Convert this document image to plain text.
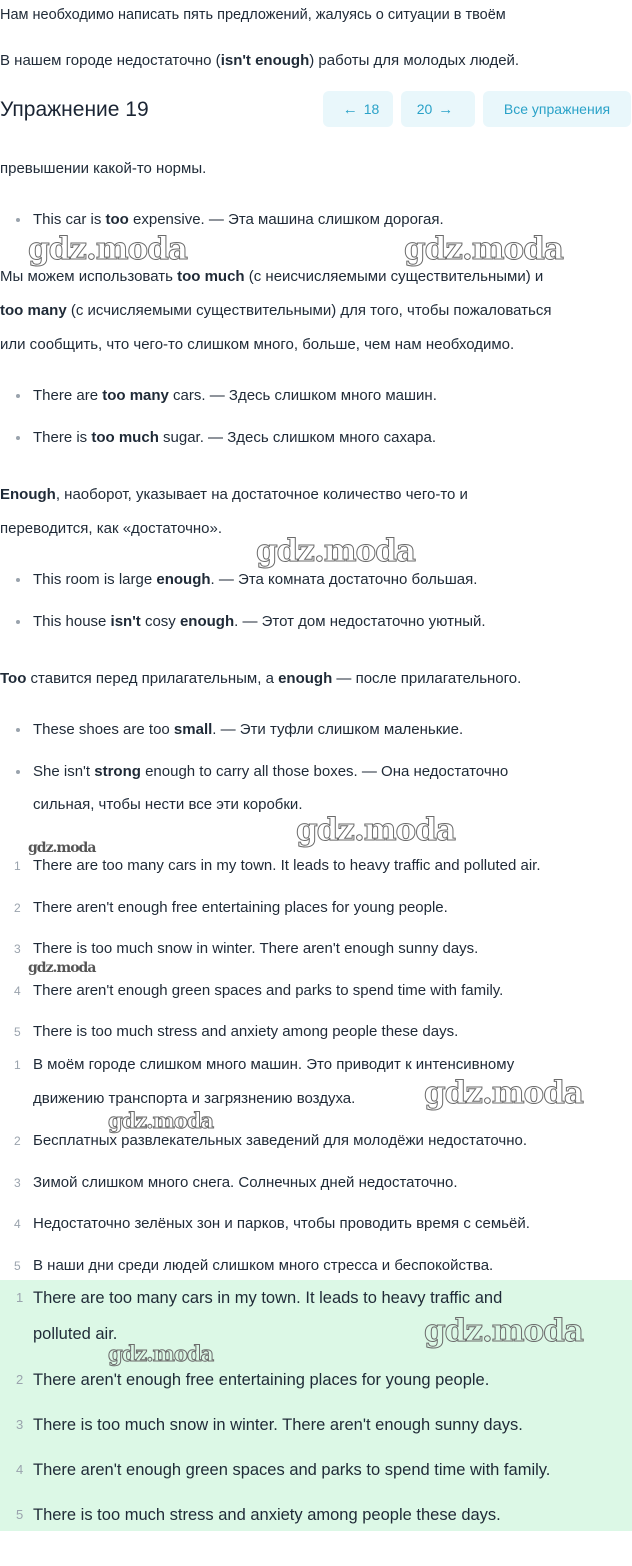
Нам необходимо написать пять предложений, жалуясь о ситуации в твоём
В нашем городе недостаточно (isn't enough) работы для молодых людей.
Упражнение 19	← 18	20 →	Все упражнения
превышении какой-то нормы.
This car is too expensive. — Эта машина слишком дорогая.
Мы можем использовать too much (с неисчисляемыми существительными) и
too many (с исчисляемыми существительными) для того, чтобы пожаловаться
или сообщить, что чего-то слишком много, больше, чем нам необходимо.
There are too many cars. — Здесь слишком много машин.
There is too much sugar. — Здесь слишком много сахара.
Enough, наоборот, указывает на достаточное количество чего-то и
переводится, как «достаточно».
This room is large enough. — Эта комната достаточно большая.
This house isn't cosy enough. — Этот дом недостаточно уютный.
Too ставится перед прилагательным, а enough — после прилагательного.
These shoes are too small. — Эти туфли слишком маленькие.
She isn't strong enough to carry all those boxes. — Она недостаточно
сильная, чтобы нести все эти коробки.
1 There are too many cars in my town. It leads to heavy traffic and polluted air.
2 There aren't enough free entertaining places for young people.
3 There is too much snow in winter. There aren't enough sunny days.
4 There aren't enough green spaces and parks to spend time with family.
5 There is too much stress and anxiety among people these days.
1 В моём городе слишком много машин. Это приводит к интенсивному
движению транспорта и загрязнению воздуха.
2 Бесплатных развлекательных заведений для молодёжи недостаточно.
3 Зимой слишком много снега. Солнечных дней недостаточно.
4 Недостаточно зелёных зон и парков, чтобы проводить время с семьёй.
5 В наши дни среди людей слишком много стресса и беспокойства.
1 There are too many cars in my town. It leads to heavy traffic and
polluted air.
2 There aren't enough free entertaining places for young people.
3 There is too much snow in winter. There aren't enough sunny days.
4 There aren't enough green spaces and parks to spend time with family.
5 There is too much stress and anxiety among people these days.
gdz.moda	gdz.moda
gdz.moda
gdz.moda
gdz.moda
gdz.moda
gdz.moda
gdz.moda
gdz.moda
gdz.moda
